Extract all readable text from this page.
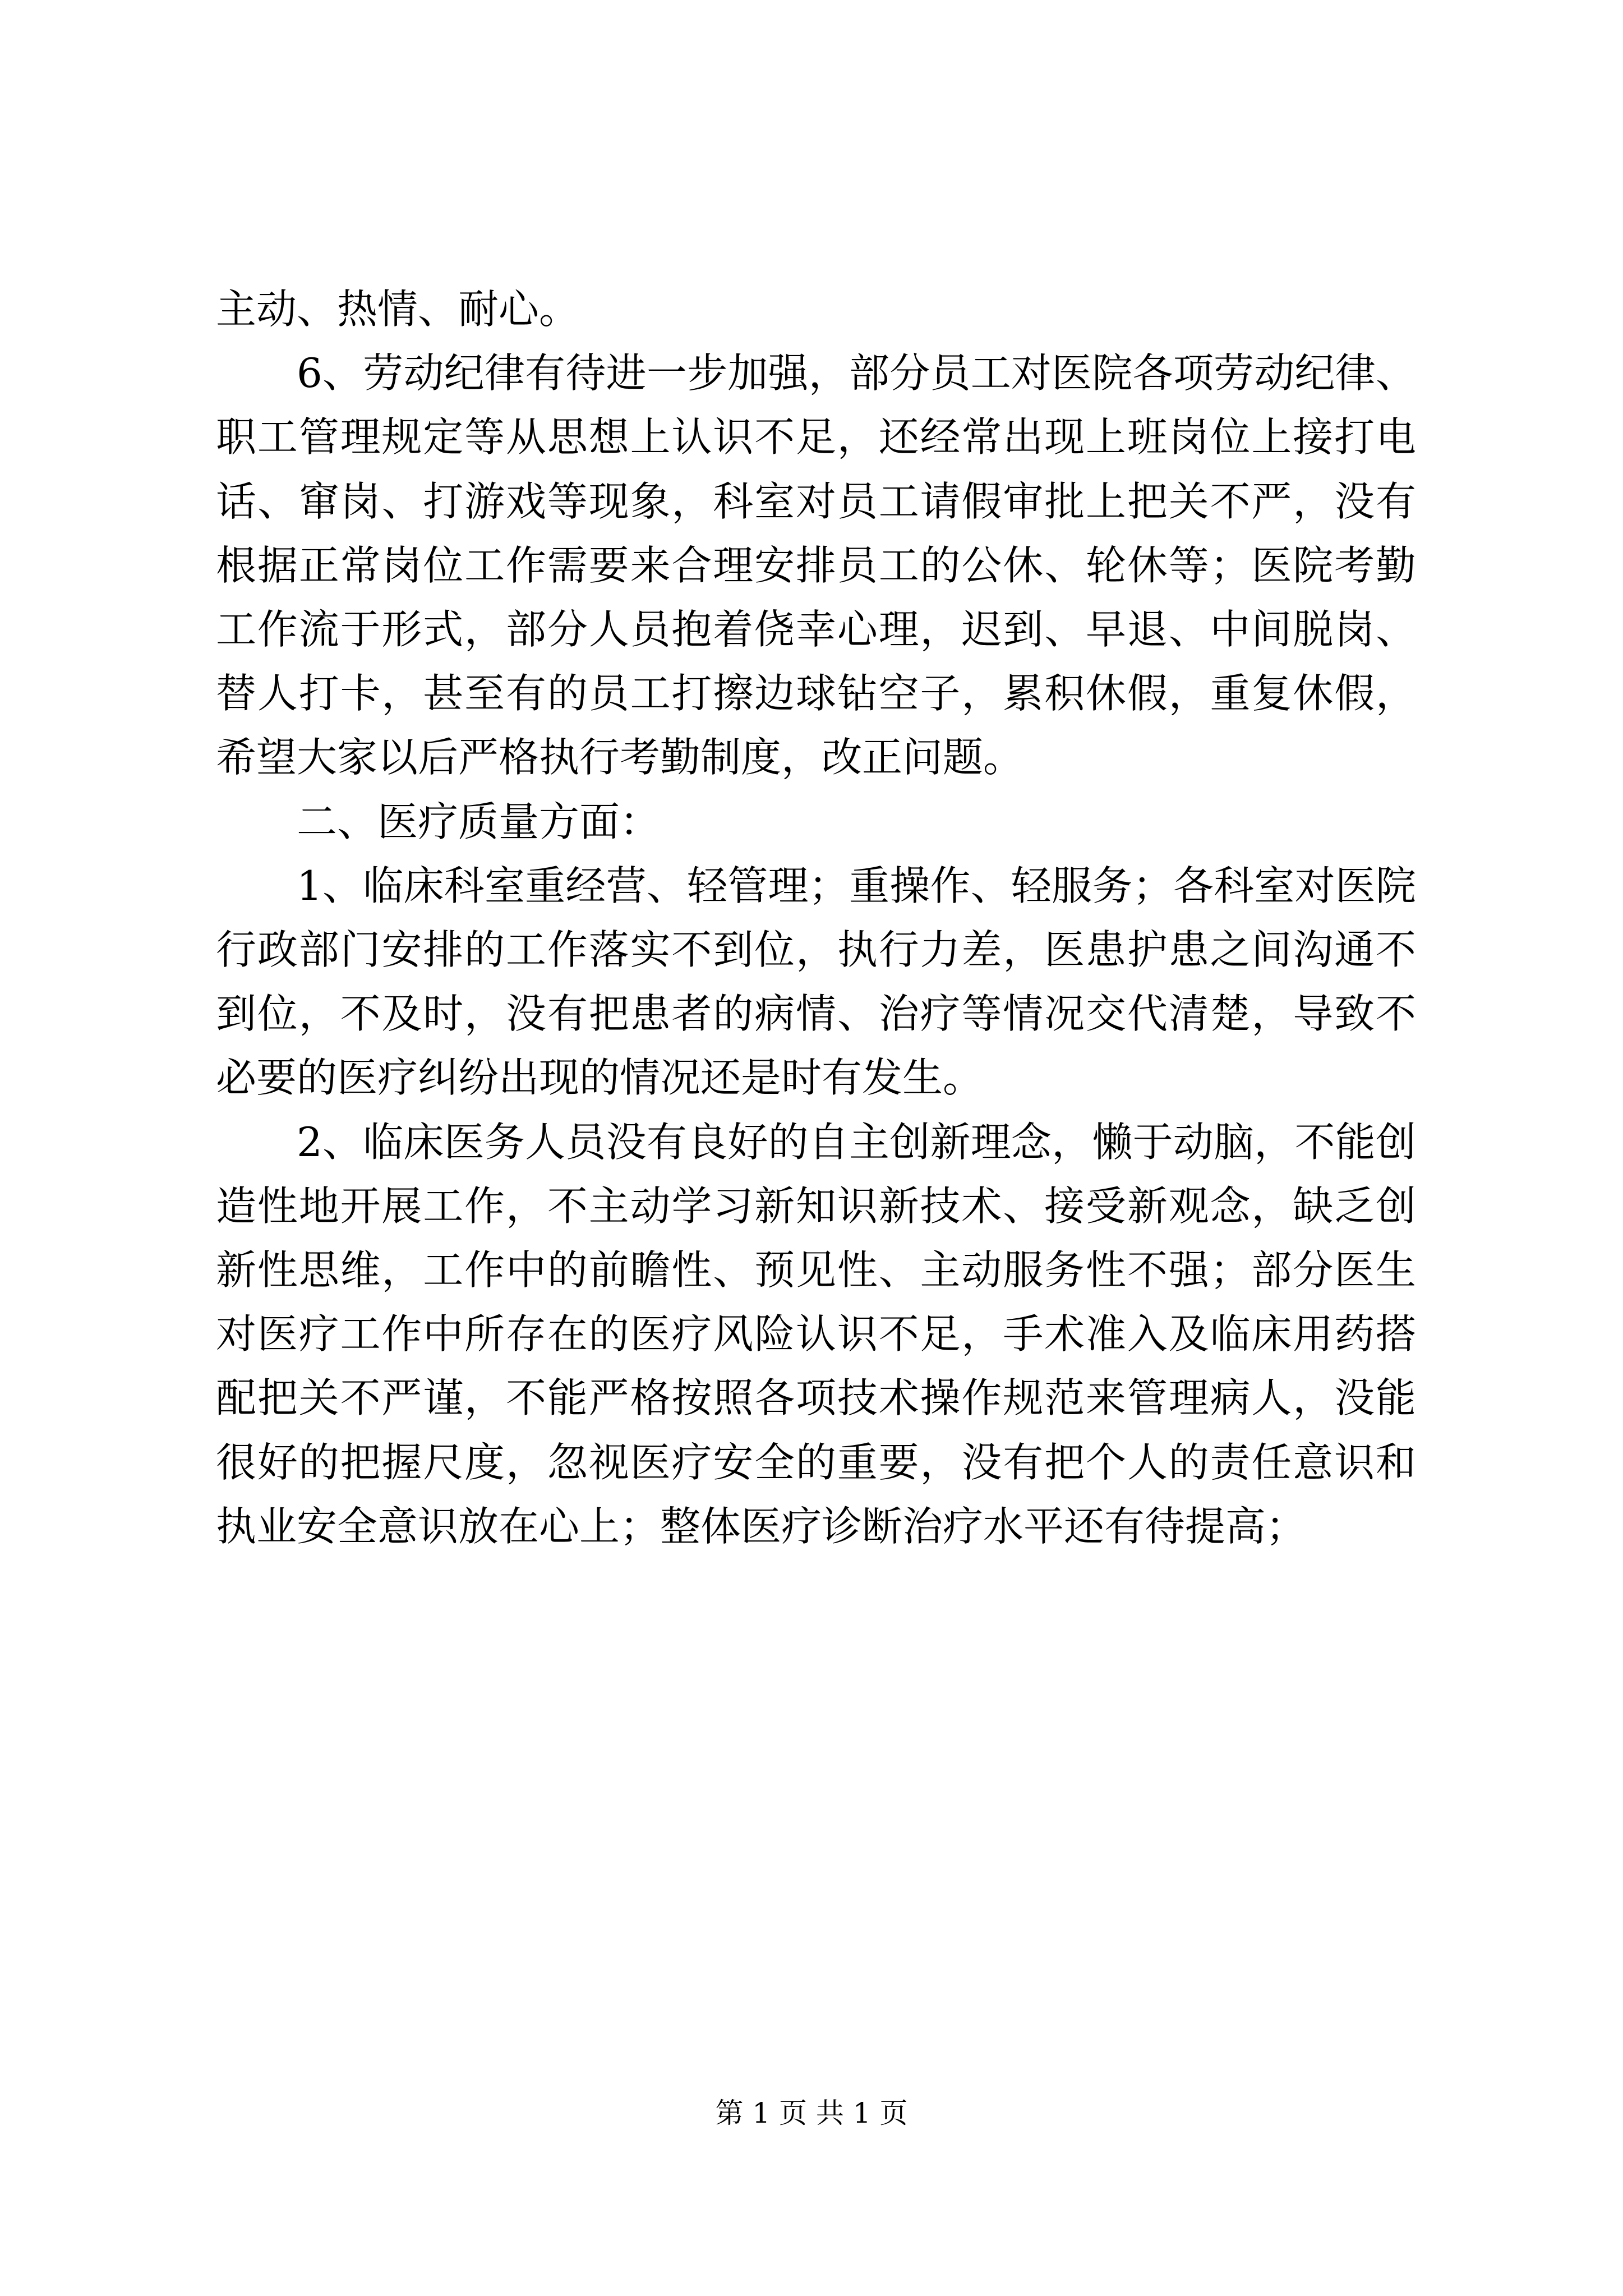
主动、热情、耐心。

6、劳动纪律有待进一步加强，部分员工对医院各项劳动纪律、职工管理规定等从思想上认识不足，还经常出现上班岗位上接打电话、窜岗、打游戏等现象，科室对员工请假审批上把关不严，没有根据正常岗位工作需要来合理安排员工的公休、轮休等；医院考勤工作流于形式，部分人员抱着侥幸心理，迟到、早退、中间脱岗、替人打卡，甚至有的员工打擦边球钻空子，累积休假，重复休假，希望大家以后严格执行考勤制度，改正问题。

二、医疗质量方面：

1、临床科室重经营、轻管理；重操作、轻服务；各科室对医院行政部门安排的工作落实不到位，执行力差，医患护患之间沟通不到位，不及时，没有把患者的病情、治疗等情况交代清楚，导致不必要的医疗纠纷出现的情况还是时有发生。

2、临床医务人员没有良好的自主创新理念，懒于动脑，不能创造性地开展工作，不主动学习新知识新技术、接受新观念，缺乏创新性思维，工作中的前瞻性、预见性、主动服务性不强；部分医生对医疗工作中所存在的医疗风险认识不足，手术准入及临床用药搭配把关不严谨，不能严格按照各项技术操作规范来管理病人，没能很好的把握尺度，忽视医疗安全的重要，没有把个人的责任意识和执业安全意识放在心上；整体医疗诊断治疗水平还有待提高；

第 1 页 共 1 页
